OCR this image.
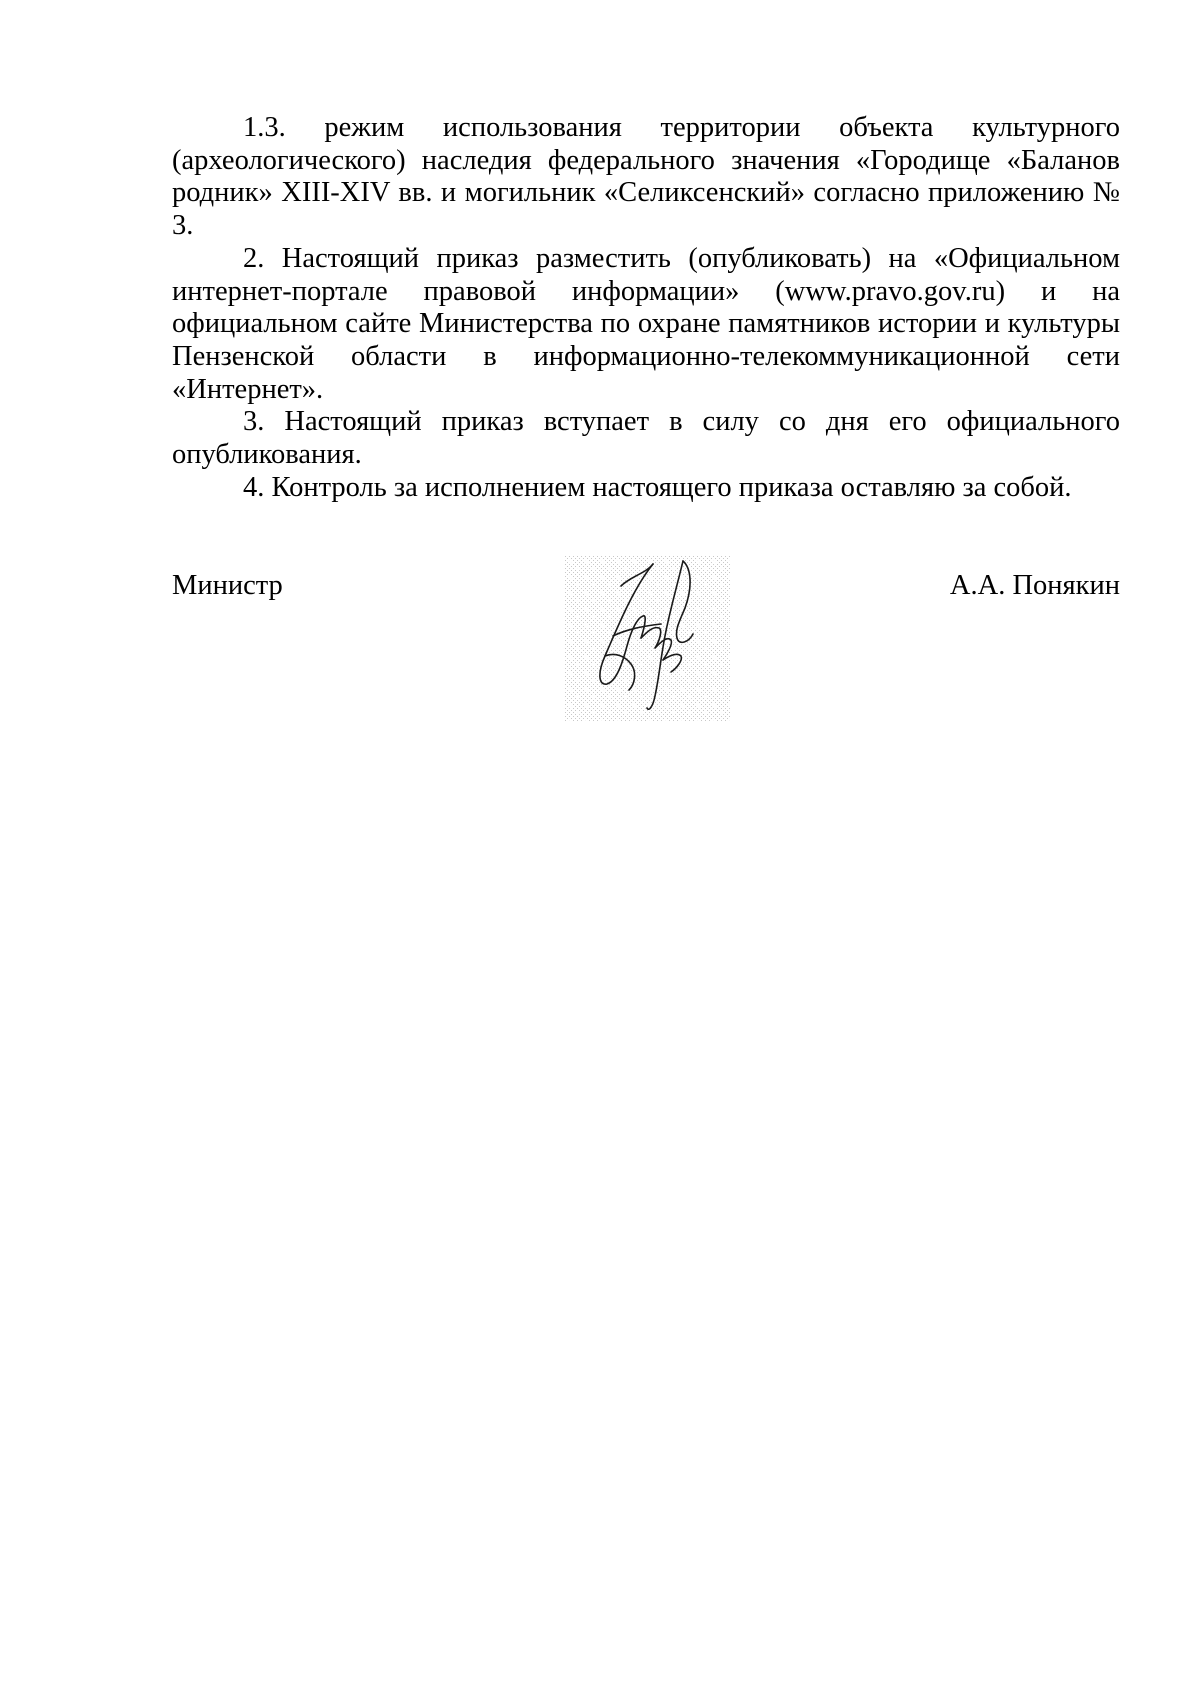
1.3. режим использования территории объекта культурного (археологического) наследия федерального значения «Городище «Баланов родник» XIII-XIV вв. и могильник «Селиксенский» согласно приложению № 3.

2. Настоящий приказ разместить (опубликовать) на «Официальном интернет-портале правовой информации» (www.pravo.gov.ru) и на официальном сайте Министерства по охране памятников истории и культуры Пензенской области в информационно-телекоммуникационной сети «Интернет».

3. Настоящий приказ вступает в силу со дня его официального опубликования.

4. Контроль за исполнением настоящего приказа оставляю за собой.

Министр	А.А. Понякин
